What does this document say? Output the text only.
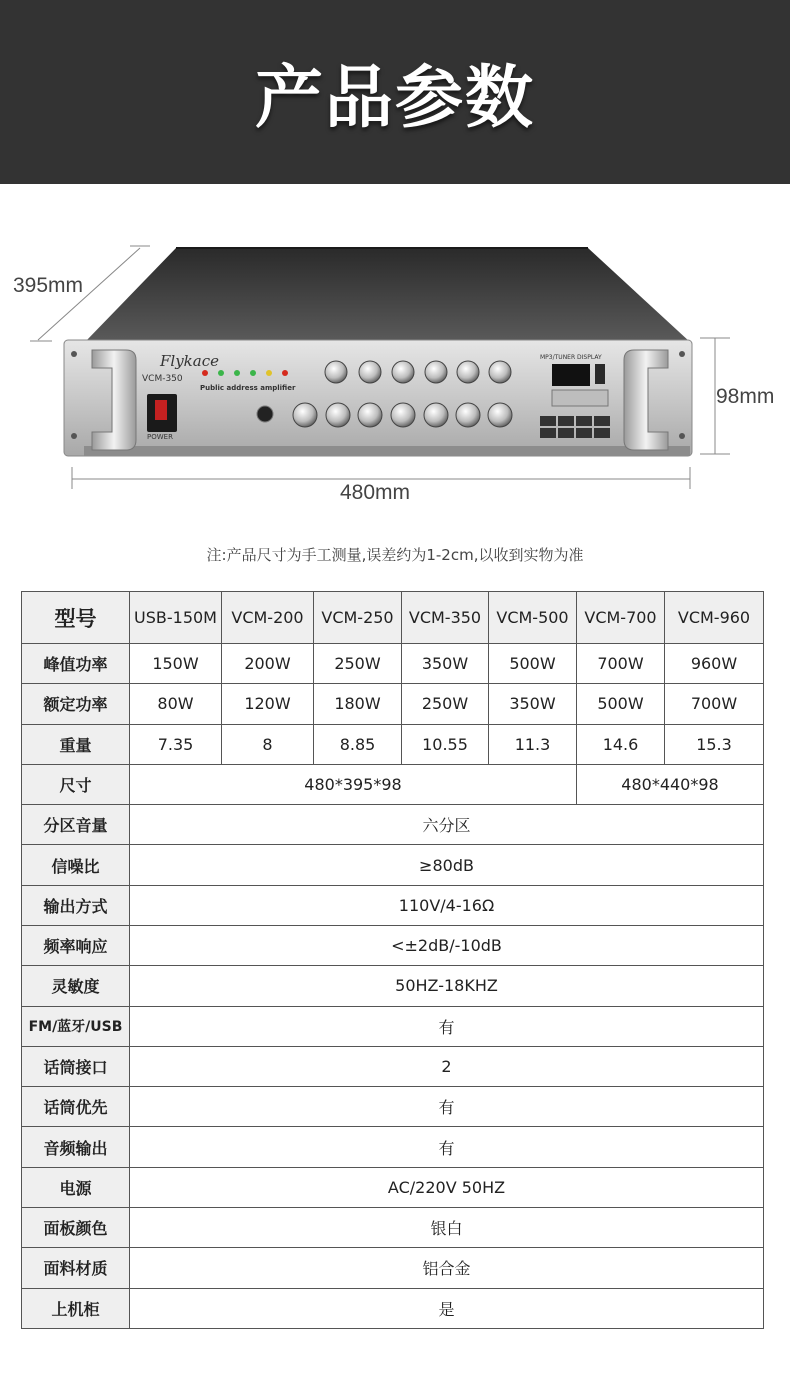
产品参数
Flykace
VCM-350
Public address amplifier
POWER
MP3/TUNER DISPLAY
395mm
98mm
480mm
注:产品尺寸为手工测量,误差约为1-2cm,以收到实物为准
型号	USB-150M	VCM-200	VCM-250	VCM-350	VCM-500	VCM-700	VCM-960
峰值功率	150W	200W	250W	350W	500W	700W	960W
额定功率	80W	120W	180W	250W	350W	500W	700W
重量	7.35	8	8.85	10.55	11.3	14.6	15.3
尺寸	480*395*98					480*440*98	
分区音量	六分区						
信噪比	≥80dB						
输出方式	110V/4-16Ω						
频率响应	<±2dB/-10dB						
灵敏度	50HZ-18KHZ						
FM/蓝牙/USB	有						
话筒接口	2						
话筒优先	有						
音频输出	有						
电源	AC/220V 50HZ						
面板颜色	银白						
面料材质	铝合金						
上机柜	是						
